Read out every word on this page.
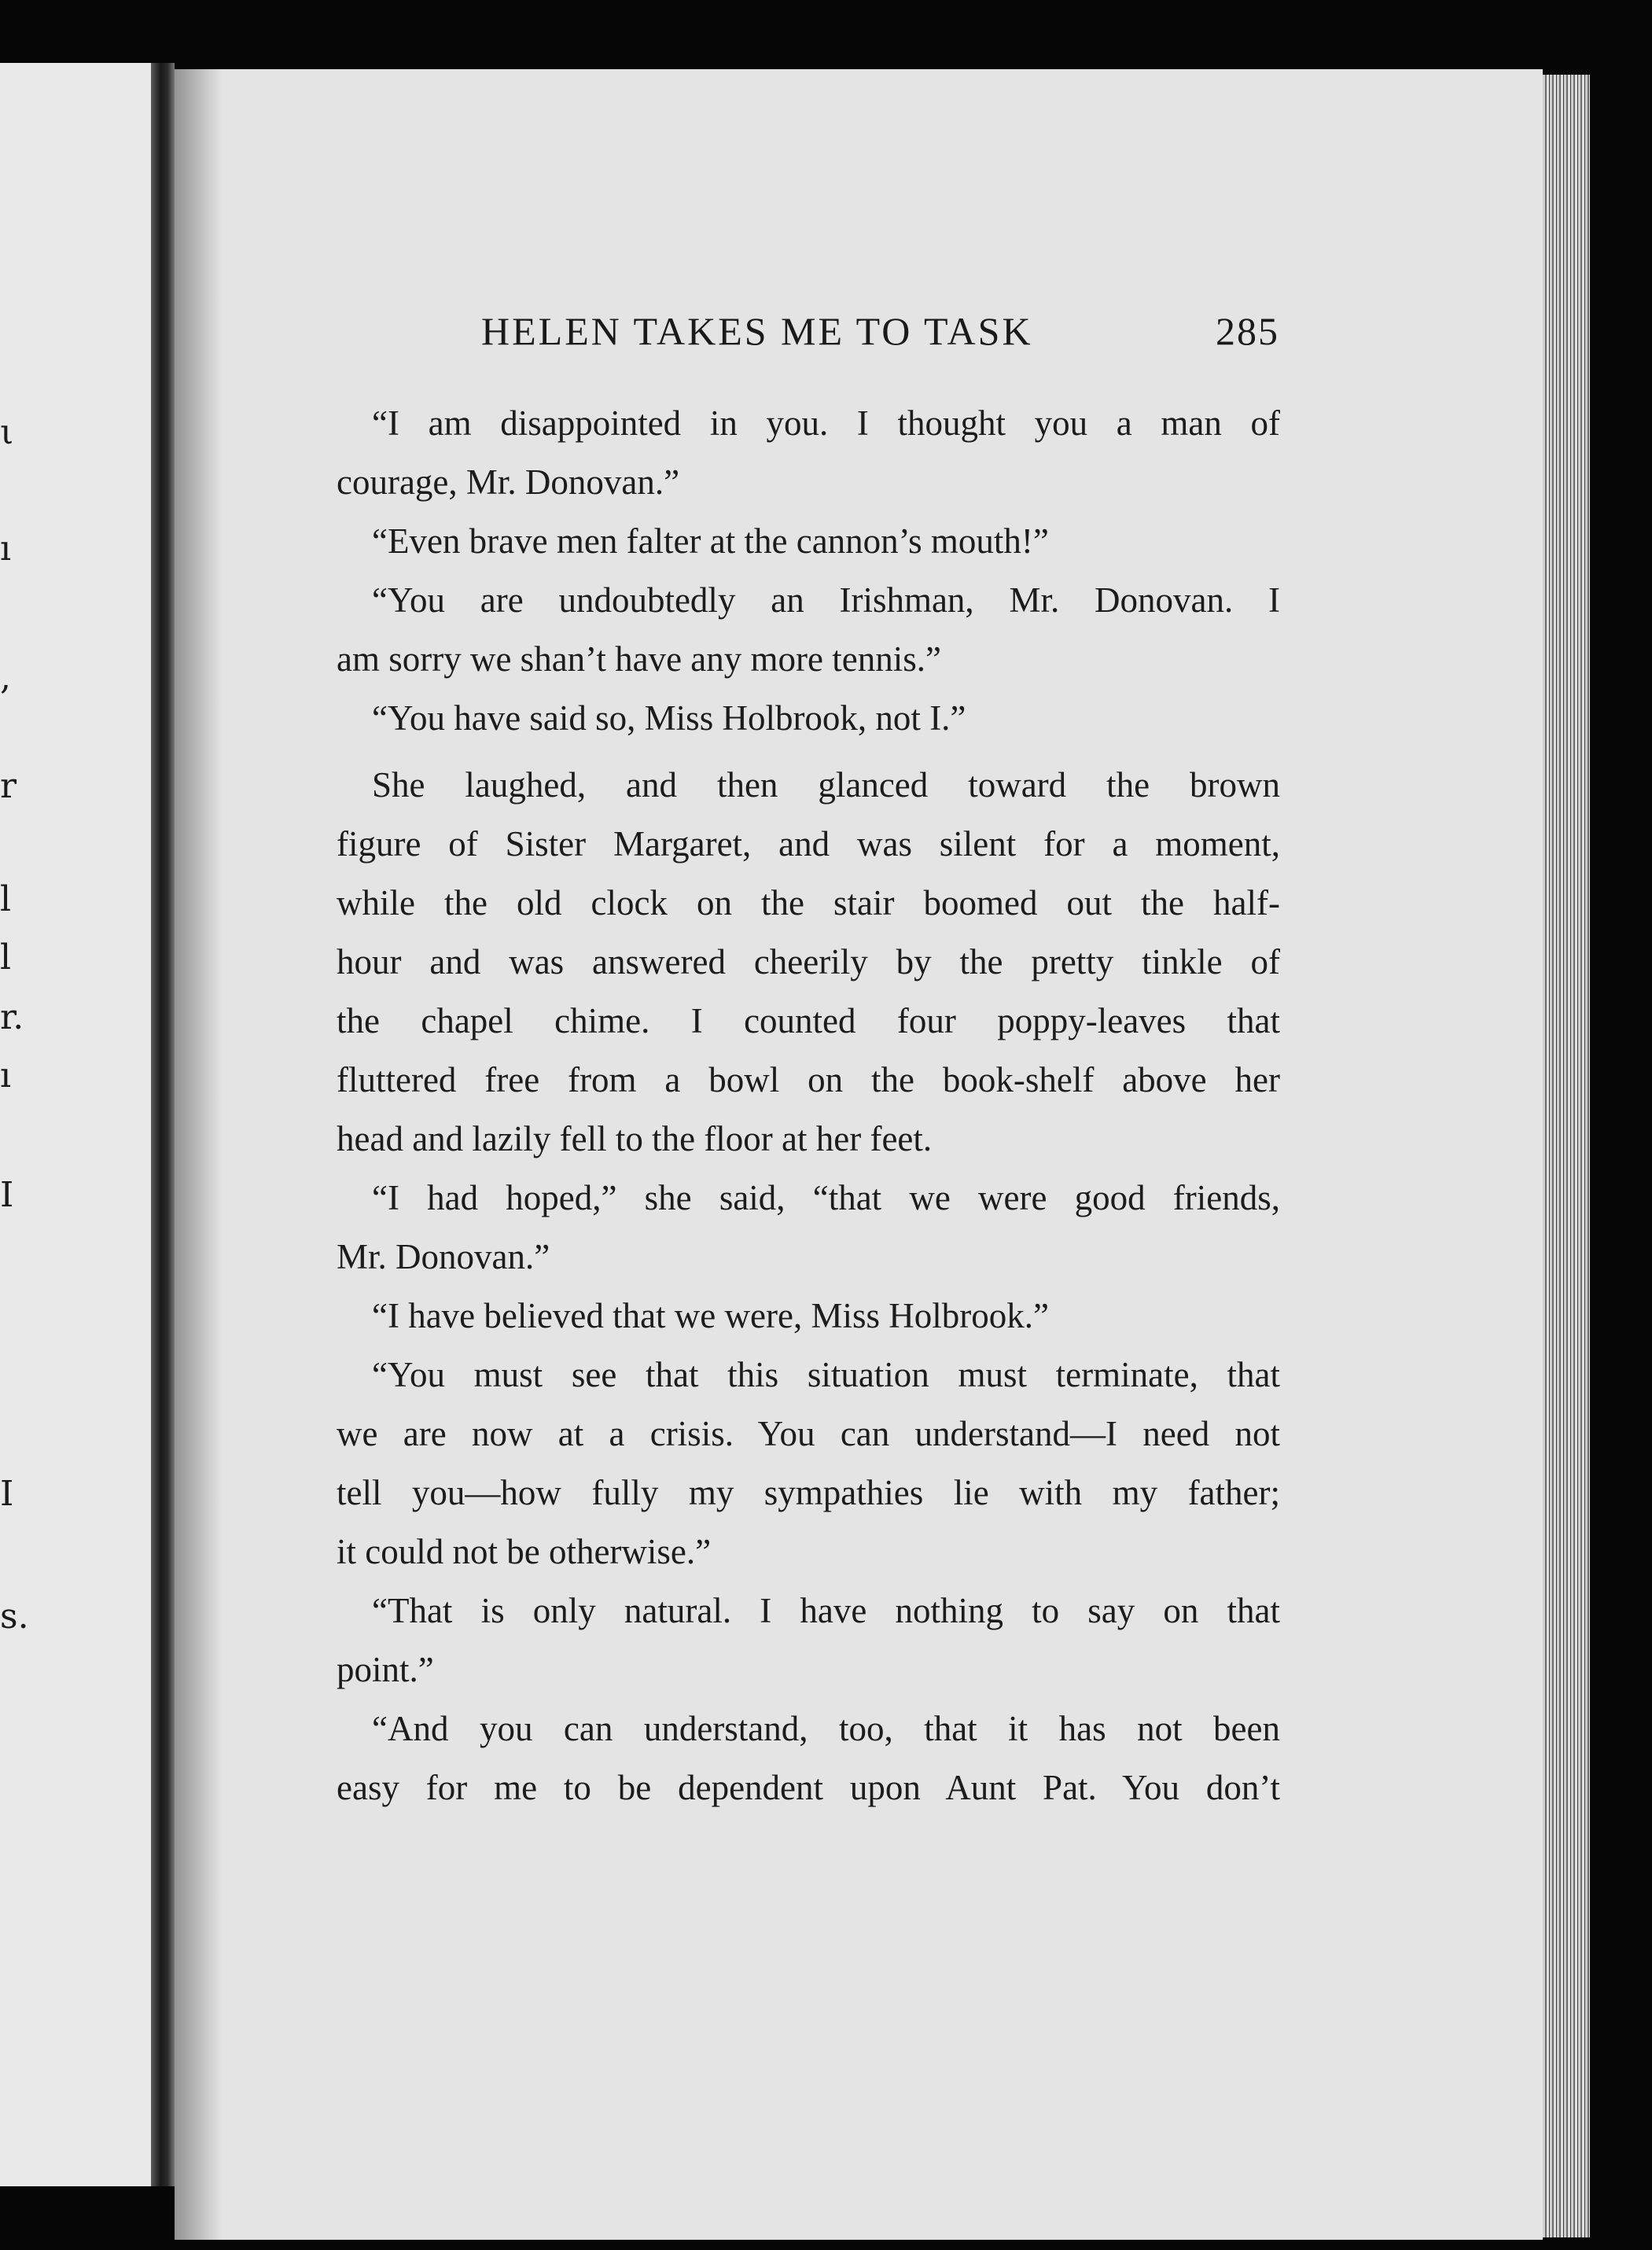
ι
ı
,
r
l
l
r.
ı
I
I
s.
HELEN TAKES ME TO TASK	285
“I am disappointed in you. I thought you a man of
courage, Mr. Donovan.”
“Even brave men falter at the cannon’s mouth!”
“You are undoubtedly an Irishman, Mr. Donovan. I
am sorry we shan’t have any more tennis.”
“You have said so, Miss Holbrook, not I.”
She laughed, and then glanced toward the brown
figure of Sister Margaret, and was silent for a moment,
while the old clock on the stair boomed out the half-
hour and was answered cheerily by the pretty tinkle of
the chapel chime. I counted four poppy-leaves that
fluttered free from a bowl on the book-shelf above her
head and lazily fell to the floor at her feet.
“I had hoped,” she said, “that we were good friends,
Mr. Donovan.”
“I have believed that we were, Miss Holbrook.”
“You must see that this situation must terminate, that
we are now at a crisis. You can understand—I need not
tell you—how fully my sympathies lie with my father;
it could not be otherwise.”
“That is only natural. I have nothing to say on that
point.”
“And you can understand, too, that it has not been
easy for me to be dependent upon Aunt Pat. You don’t
